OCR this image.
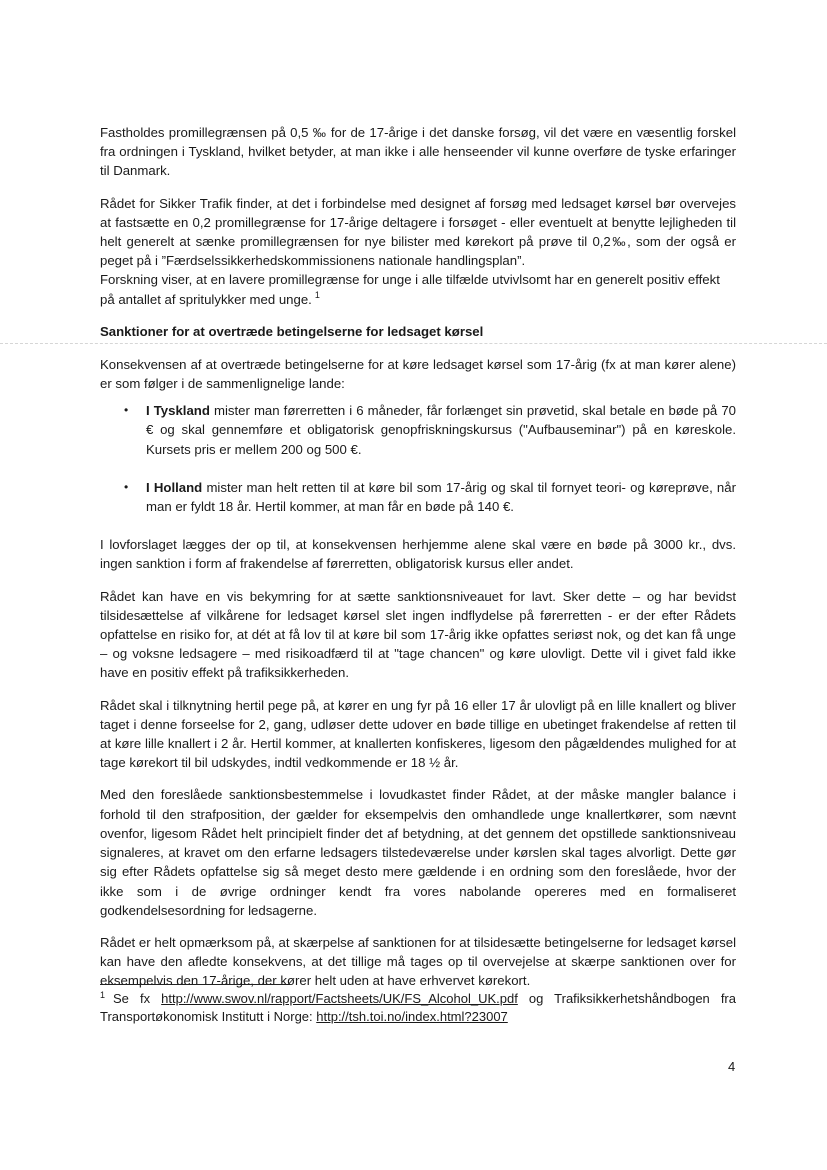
Fastholdes promillegrænsen på 0,5 ‰ for de 17-årige i det danske forsøg, vil det være en væsentlig forskel fra ordningen i Tyskland, hvilket betyder, at man ikke i alle henseender vil kunne overføre de tyske erfaringer til Danmark.

Rådet for Sikker Trafik finder, at det i forbindelse med designet af forsøg med ledsaget kørsel bør overvejes at fastsætte en 0,2 promillegrænse for 17-årige deltagere i forsøget - eller eventuelt at benytte lejligheden til helt generelt at sænke promillegrænsen for nye bilister med kørekort på prøve til 0,2‰, som der også er peget på i ”Færdselssikkerhedskommissionens nationale handlingsplan”.

Forskning viser, at en lavere promillegrænse for unge i alle tilfælde utvivlsomt har en generelt positiv effekt på antallet af spritulykker med unge. $^1$

Sanktioner for at overtræde betingelserne for ledsaget kørsel

Konsekvensen af at overtræde betingelserne for at køre ledsaget kørsel som 17-årig (fx at man kører alene) er som følger i de sammenlignelige lande:

• I Tyskland mister man førerretten i 6 måneder, får forlænget sin prøvetid, skal betale en bøde på 70 € og skal gennemføre et obligatorisk genopfriskningskursus ("Aufbauseminar") på en køreskole. Kursets pris er mellem 200 og 500 €.
• I Holland mister man helt retten til at køre bil som 17-årig og skal til fornyet teori- og køreprøve, når man er fyldt 18 år. Hertil kommer, at man får en bøde på 140 €.

I lovforslaget lægges der op til, at konsekvensen herhjemme alene skal være en bøde på 3000 kr., dvs. ingen sanktion i form af frakendelse af førerretten, obligatorisk kursus eller andet.

Rådet kan have en vis bekymring for at sætte sanktionsniveauet for lavt. Sker dette – og har bevidst tilsidesættelse af vilkårene for ledsaget kørsel slet ingen indflydelse på førerretten - er der efter Rådets opfattelse en risiko for, at dét at få lov til at køre bil som 17-årig ikke opfattes seriøst nok, og det kan få unge – og voksne ledsagere – med risikoadfærd til at "tage chancen" og køre ulovligt. Dette vil i givet fald ikke have en positiv effekt på trafiksikkerheden.

Rådet skal i tilknytning hertil pege på, at kører en ung fyr på 16 eller 17 år ulovligt på en lille knallert og bliver taget i denne forseelse for 2, gang, udløser dette udover en bøde tillige en ubetinget frakendelse af retten til at køre lille knallert i 2 år. Hertil kommer, at knallerten konfiskeres, ligesom den pågældendes mulighed for at tage kørekort til bil udskydes, indtil vedkommende er 18 ½ år.

Med den foreslåede sanktionsbestemmelse i lovudkastet finder Rådet, at der måske mangler balance i forhold til den strafposition, der gælder for eksempelvis den omhandlede unge knallertkører, som nævnt ovenfor, ligesom Rådet helt principielt finder det af betydning, at det gennem det opstillede sanktionsniveau signaleres, at kravet om den erfarne ledsagers tilstedeværelse under kørslen skal tages alvorligt. Dette gør sig efter Rådets opfattelse sig så meget desto mere gældende i en ordning som den foreslåede, hvor der ikke som i de øvrige ordninger kendt fra vores nabolande opereres med en formaliseret godkendelsesordning for ledsagerne.

Rådet er helt opmærksom på, at skærpelse af sanktionen for at tilsidesætte betingelserne for ledsaget kørsel kan have den afledte konsekvens, at det tillige må tages op til overvejelse at skærpe sanktionen over for eksempelvis den 17-årige, der kører helt uden at have erhvervet kørekort.

$^1$ Se fx http://www.swov.nl/rapport/Factsheets/UK/FS_Alcohol_UK.pdf og Trafiksikkerhetshåndbogen fra Transportøkonomisk Institutt i Norge: http://tsh.toi.no/index.html?23007
4
